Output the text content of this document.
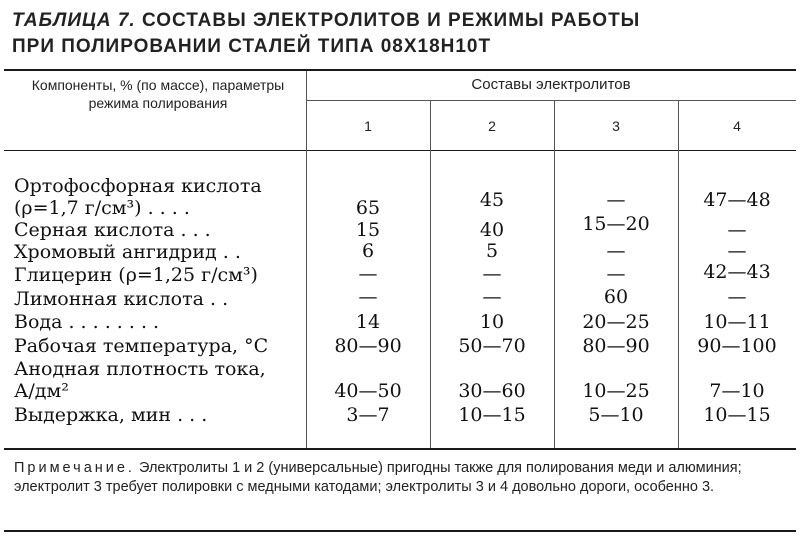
ТАБЛИЦА 7. СОСТАВЫ ЭЛЕКТРОЛИТОВ И РЕЖИМЫ РАБОТЫ
ПРИ ПОЛИРОВАНИИ СТАЛЕЙ ТИПА 08Х18Н10Т
Компоненты, % (по массе), параметры режима полирования
Составы электролитов
1	2	3	4
Ортофосфорная кислота
(ρ=1,7 г/см³) . . . .	65	45	—	47—48
Серная кислота . . .	15	40	15—20	—
Хромовый ангидрид . .	6	5	—	—
Глицерин (ρ=1,25 г/см³)	—	—	—	42—43
Лимонная кислота . .	—	—	60	—
Вода . . . . . . . .	14	10	20—25	10—11
Рабочая температура, °С	80—90	50—70	80—90	90—100
Анодная плотность тока,
А/дм²	40—50	30—60	10—25	7—10
Выдержка, мин . . .	3—7	10—15	5—10	10—15
Примечание. Электролиты 1 и 2 (универсальные) пригодны также для полирования меди и алюминия; электролит 3 требует полировки с медными катодами; электролиты 3 и 4 довольно дороги, особенно 3.
